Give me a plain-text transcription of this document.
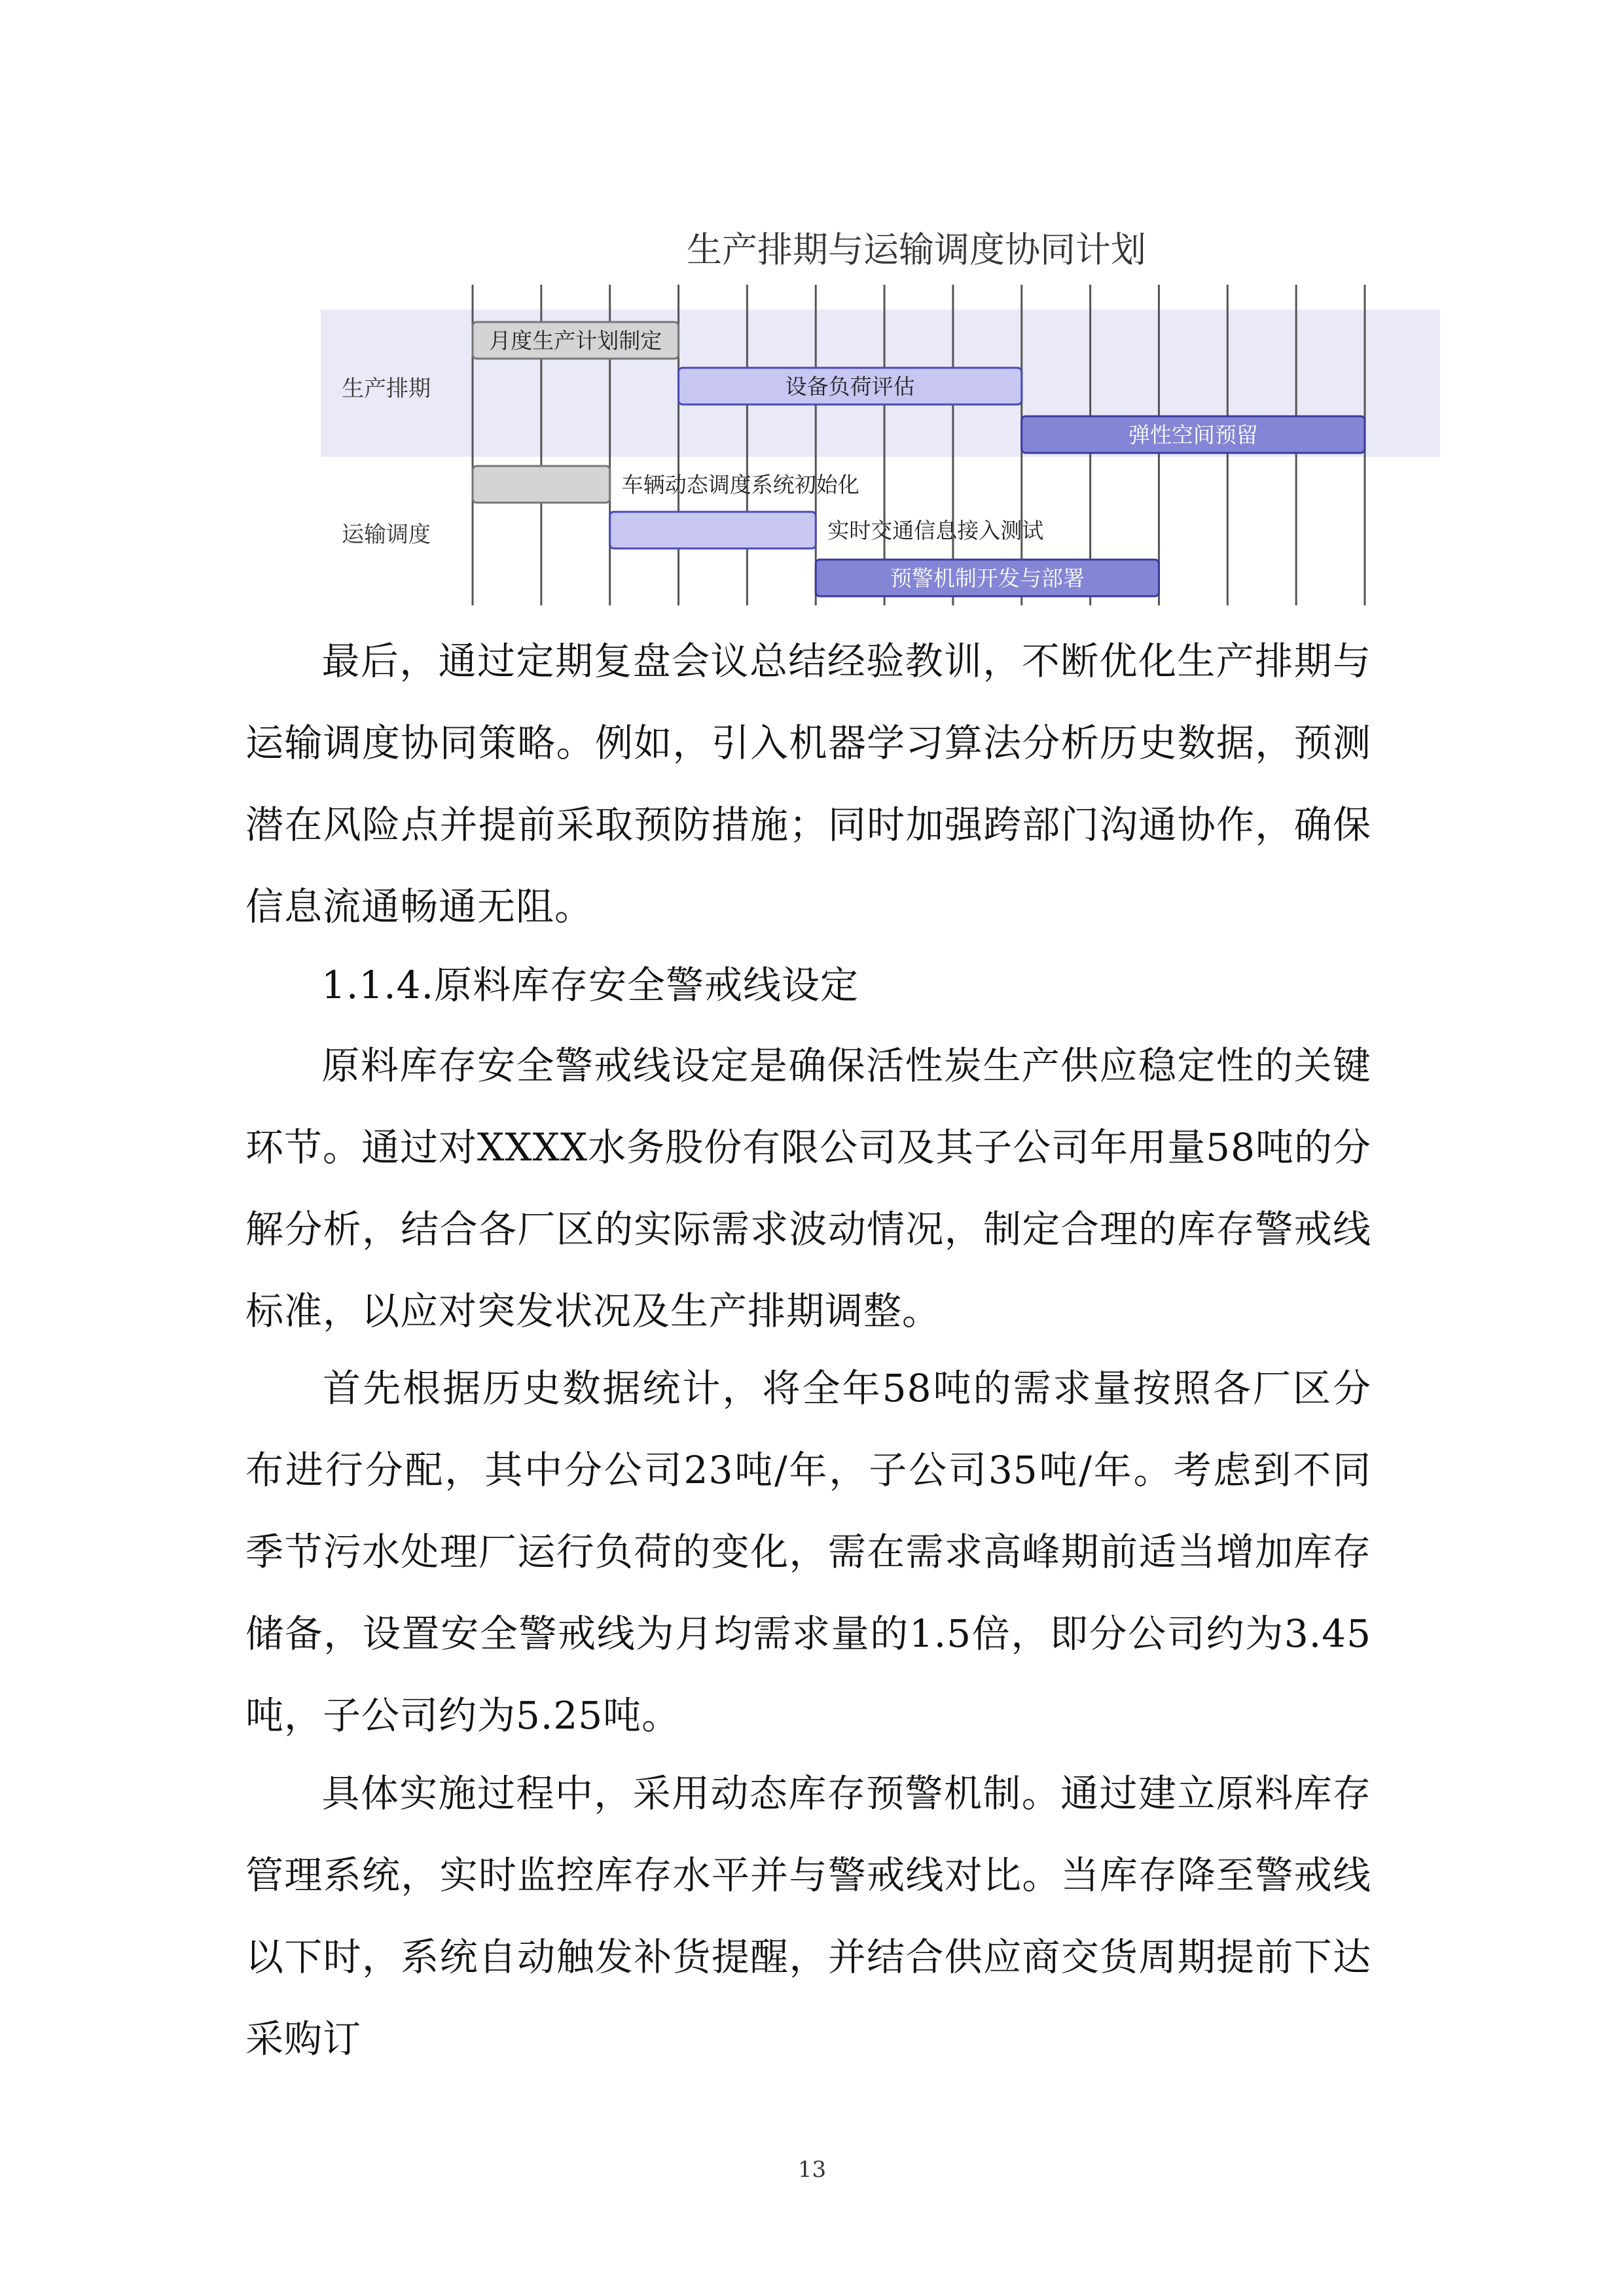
月度生产计划制定
设备负荷评估
弹性空间预留
车辆动态调度系统初始化
实时交通信息接入测试
预警机制开发与部署
生产排期与运输调度协同计划
生产排期
运输调度

最后，通过定期复盘会议总结经验教训，不断优化生产排期与运输调度协同策略。例如，引入机器学习算法分析历史数据，预测潜在风险点并提前采取预防措施；同时加强跨部门沟通协作，确保信息流通畅通无阻。

1.1.4.原料库存安全警戒线设定

原料库存安全警戒线设定是确保活性炭生产供应稳定性的关键环节。通过对XXXX水务股份有限公司及其子公司年用量58吨的分解分析，结合各厂区的实际需求波动情况，制定合理的库存警戒线标准，以应对突发状况及生产排期调整。

首先根据历史数据统计，将全年58吨的需求量按照各厂区分布进行分配，其中分公司23吨/年，子公司35吨/年。考虑到不同季节污水处理厂运行负荷的变化，需在需求高峰期前适当增加库存储备，设置安全警戒线为月均需求量的1.5倍，即分公司约为3.45吨，子公司约为5.25吨。

具体实施过程中，采用动态库存预警机制。通过建立原料库存管理系统，实时监控库存水平并与警戒线对比。当库存降至警戒线以下时，系统自动触发补货提醒，并结合供应商交货周期提前下达采购订

13
